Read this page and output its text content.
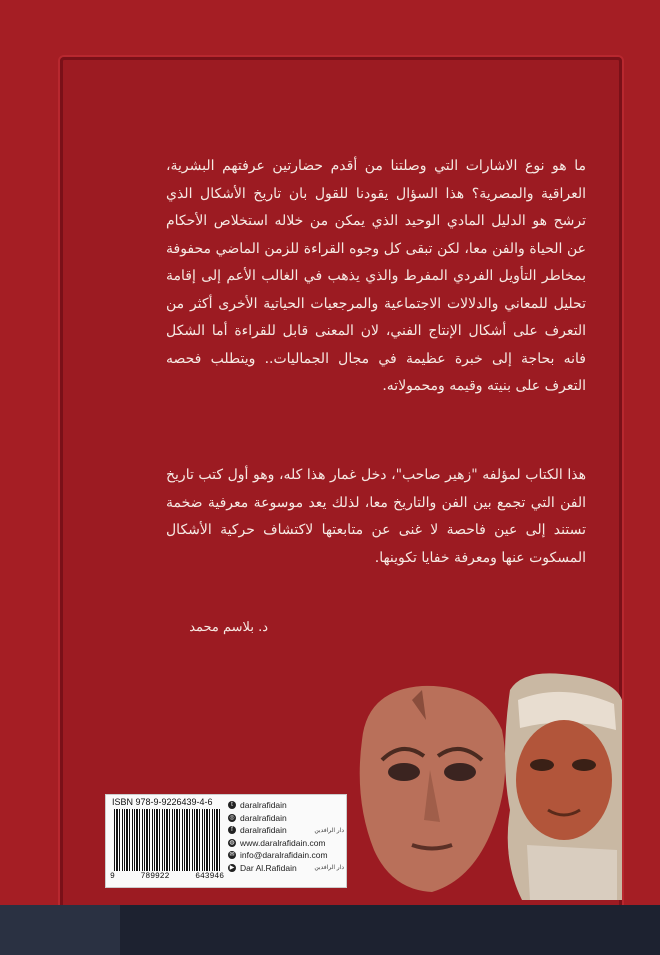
ما هو نوع الاشارات التي وصلتنا من أقدم حضارتين عرفتهم البشرية، العراقية والمصرية؟ هذا السؤال يقودنا للقول بان تاريخ الأشكال الذي ترشح هو الدليل المادي الوحيد الذي يمكن من خلاله استخلاص الأحكام عن الحياة والفن معا، لكن تبقى كل وجوه القراءة للزمن الماضي محفوفة بمخاطر التأويل الفردي المفرط والذي يذهب في الغالب الأعم إلى إقامة تحليل للمعاني والدلالات الاجتماعية والمرجعيات الحياتية الأخرى أكثر من التعرف على أشكال الإنتاج الفني، لان المعنى قابل للقراءة أما الشكل فانه بحاجة إلى خبرة عظيمة في مجال الجماليات.. ويتطلب فحصه التعرف على بنيته وقيمه ومحمولاته.
هذا الكتاب لمؤلفه "زهير صاحب"، دخل غمار هذا كله، وهو أول كتب تاريخ الفن التي تجمع بين الفن والتاريخ معا، لذلك يعد موسوعة معرفية ضخمة تستند إلى عين فاحصة لا غنى عن متابعتها لاكتشاف حركية الأشكال المسكوت عنها ومعرفة خفايا تكوينها.
د. بلاسم محمد
ISBN 978-9-9226439-4-6
9	789922	643946
t daralrafidain
◎ daralrafidain
f daralrafidain	دار الرافدين
◍ www.daralrafidain.com
✉ info@daralrafidain.com
▶ Dar Al.Rafidain	دار الرافدين
